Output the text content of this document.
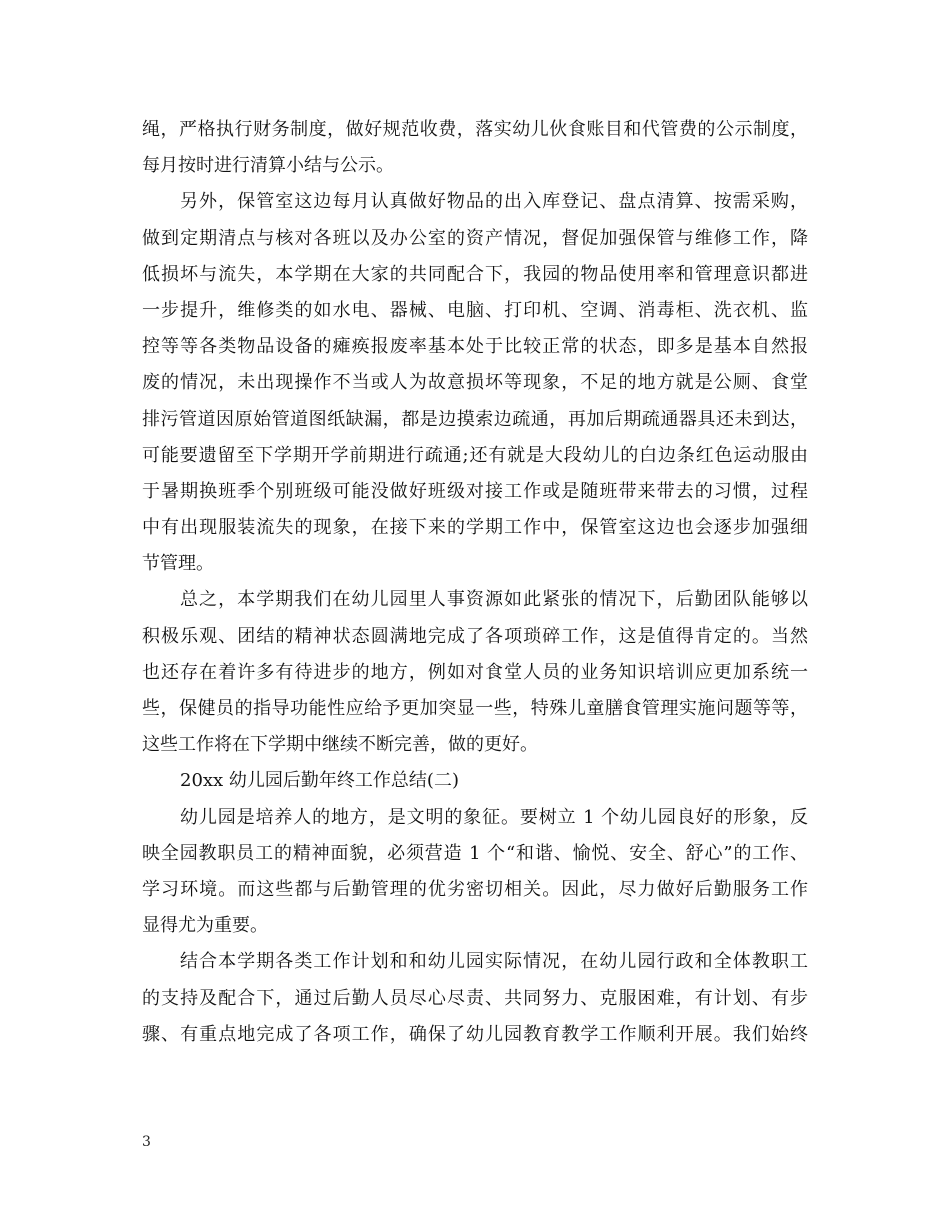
绳，严格执行财务制度，做好规范收费，落实幼儿伙食账目和代管费的公示制度，
每月按时进行清算小结与公示。
另外，保管室这边每月认真做好物品的出入库登记、盘点清算、按需采购，
做到定期清点与核对各班以及办公室的资产情况，督促加强保管与维修工作，降
低损坏与流失，本学期在大家的共同配合下，我园的物品使用率和管理意识都进
一步提升，维修类的如水电、器械、电脑、打印机、空调、消毒柜、洗衣机、监
控等等各类物品设备的瘫痪报废率基本处于比较正常的状态，即多是基本自然报
废的情况，未出现操作不当或人为故意损坏等现象，不足的地方就是公厕、食堂
排污管道因原始管道图纸缺漏，都是边摸索边疏通，再加后期疏通器具还未到达，
可能要遗留至下学期开学前期进行疏通;还有就是大段幼儿的白边条红色运动服由
于暑期换班季个别班级可能没做好班级对接工作或是随班带来带去的习惯，过程
中有出现服装流失的现象，在接下来的学期工作中，保管室这边也会逐步加强细
节管理。
总之，本学期我们在幼儿园里人事资源如此紧张的情况下，后勤团队能够以
积极乐观、团结的精神状态圆满地完成了各项琐碎工作，这是值得肯定的。当然
也还存在着许多有待进步的地方，例如对食堂人员的业务知识培训应更加系统一
些，保健员的指导功能性应给予更加突显一些，特殊儿童膳食管理实施问题等等，
这些工作将在下学期中继续不断完善，做的更好。
20xx 幼儿园后勤年终工作总结(二)
幼儿园是培养人的地方，是文明的象征。要树立 1 个幼儿园良好的形象，反
映全园教职员工的精神面貌，必须营造 1 个“和谐、愉悦、安全、舒心”的工作、
学习环境。而这些都与后勤管理的优劣密切相关。因此，尽力做好后勤服务工作
显得尤为重要。
结合本学期各类工作计划和和幼儿园实际情况，在幼儿园行政和全体教职工
的支持及配合下，通过后勤人员尽心尽责、共同努力、克服困难，有计划、有步
骤、有重点地完成了各项工作，确保了幼儿园教育教学工作顺利开展。我们始终
3
